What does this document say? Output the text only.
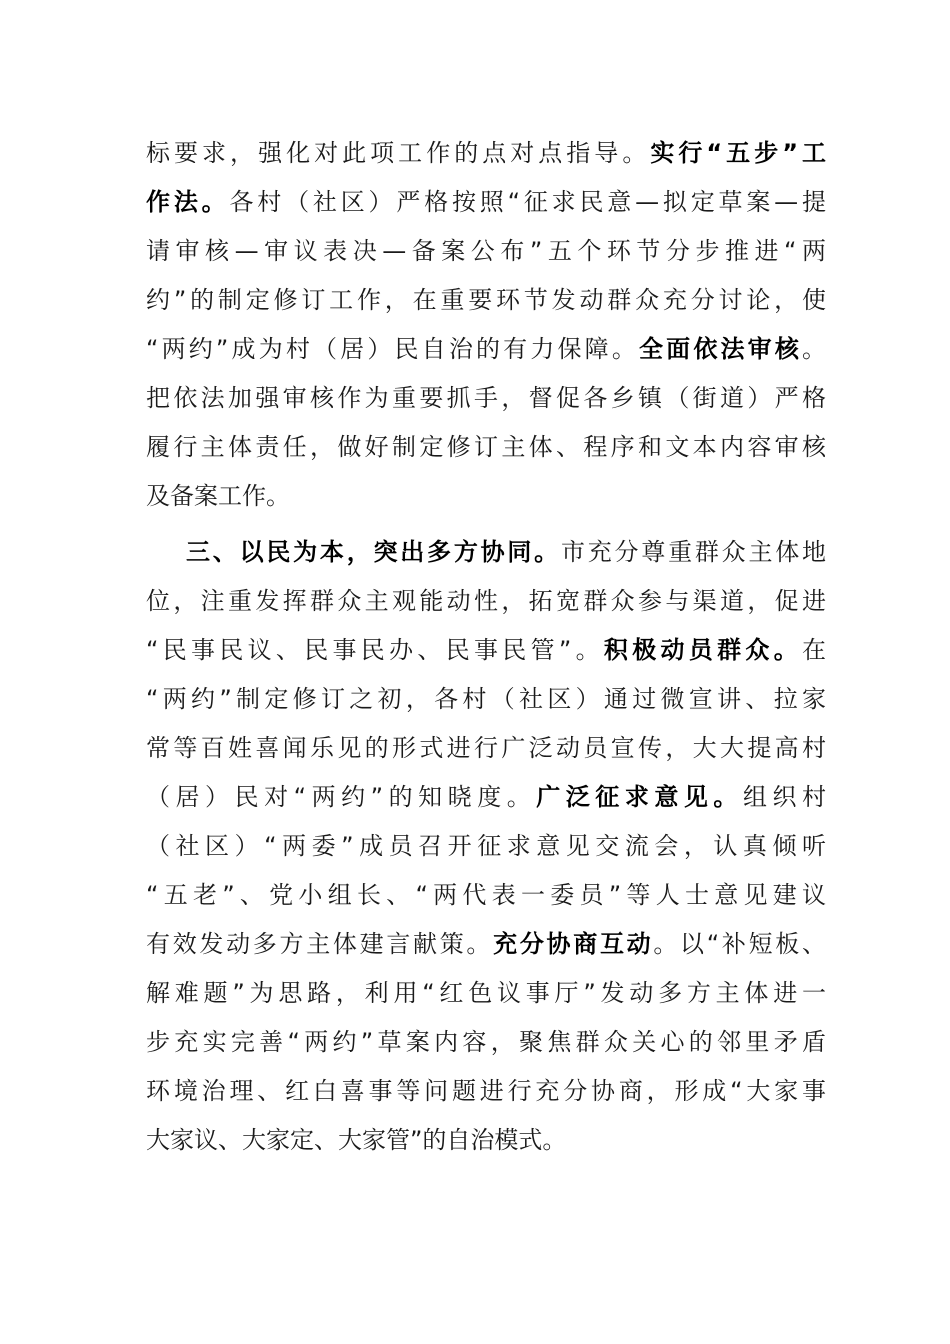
标要求，强化对此项工作的点对点指导。实行“五步”工
作法。各村（社区）严格按照“征求民意—拟定草案—提
请审核—审议表决—备案公布”五个环节分步推进“两
约”的制定修订工作，在重要环节发动群众充分讨论，使
“两约”成为村（居）民自治的有力保障。全面依法审核。
把依法加强审核作为重要抓手，督促各乡镇（街道）严格
履行主体责任，做好制定修订主体、程序和文本内容审核
及备案工作。
三、以民为本，突出多方协同。市充分尊重群众主体地
位，注重发挥群众主观能动性，拓宽群众参与渠道，促进
“民事民议、民事民办、民事民管”。积极动员群众。在
“两约”制定修订之初，各村（社区）通过微宣讲、拉家
常等百姓喜闻乐见的形式进行广泛动员宣传，大大提高村
（居）民对“两约”的知晓度。广泛征求意见。组织村
（社区）“两委”成员召开征求意见交流会，认真倾听
“五老”、党小组长、“两代表一委员”等人士意见建议
有效发动多方主体建言献策。充分协商互动。以“补短板、
解难题”为思路，利用“红色议事厅”发动多方主体进一
步充实完善“两约”草案内容，聚焦群众关心的邻里矛盾
环境治理、红白喜事等问题进行充分协商，形成“大家事
大家议、大家定、大家管”的自治模式。
